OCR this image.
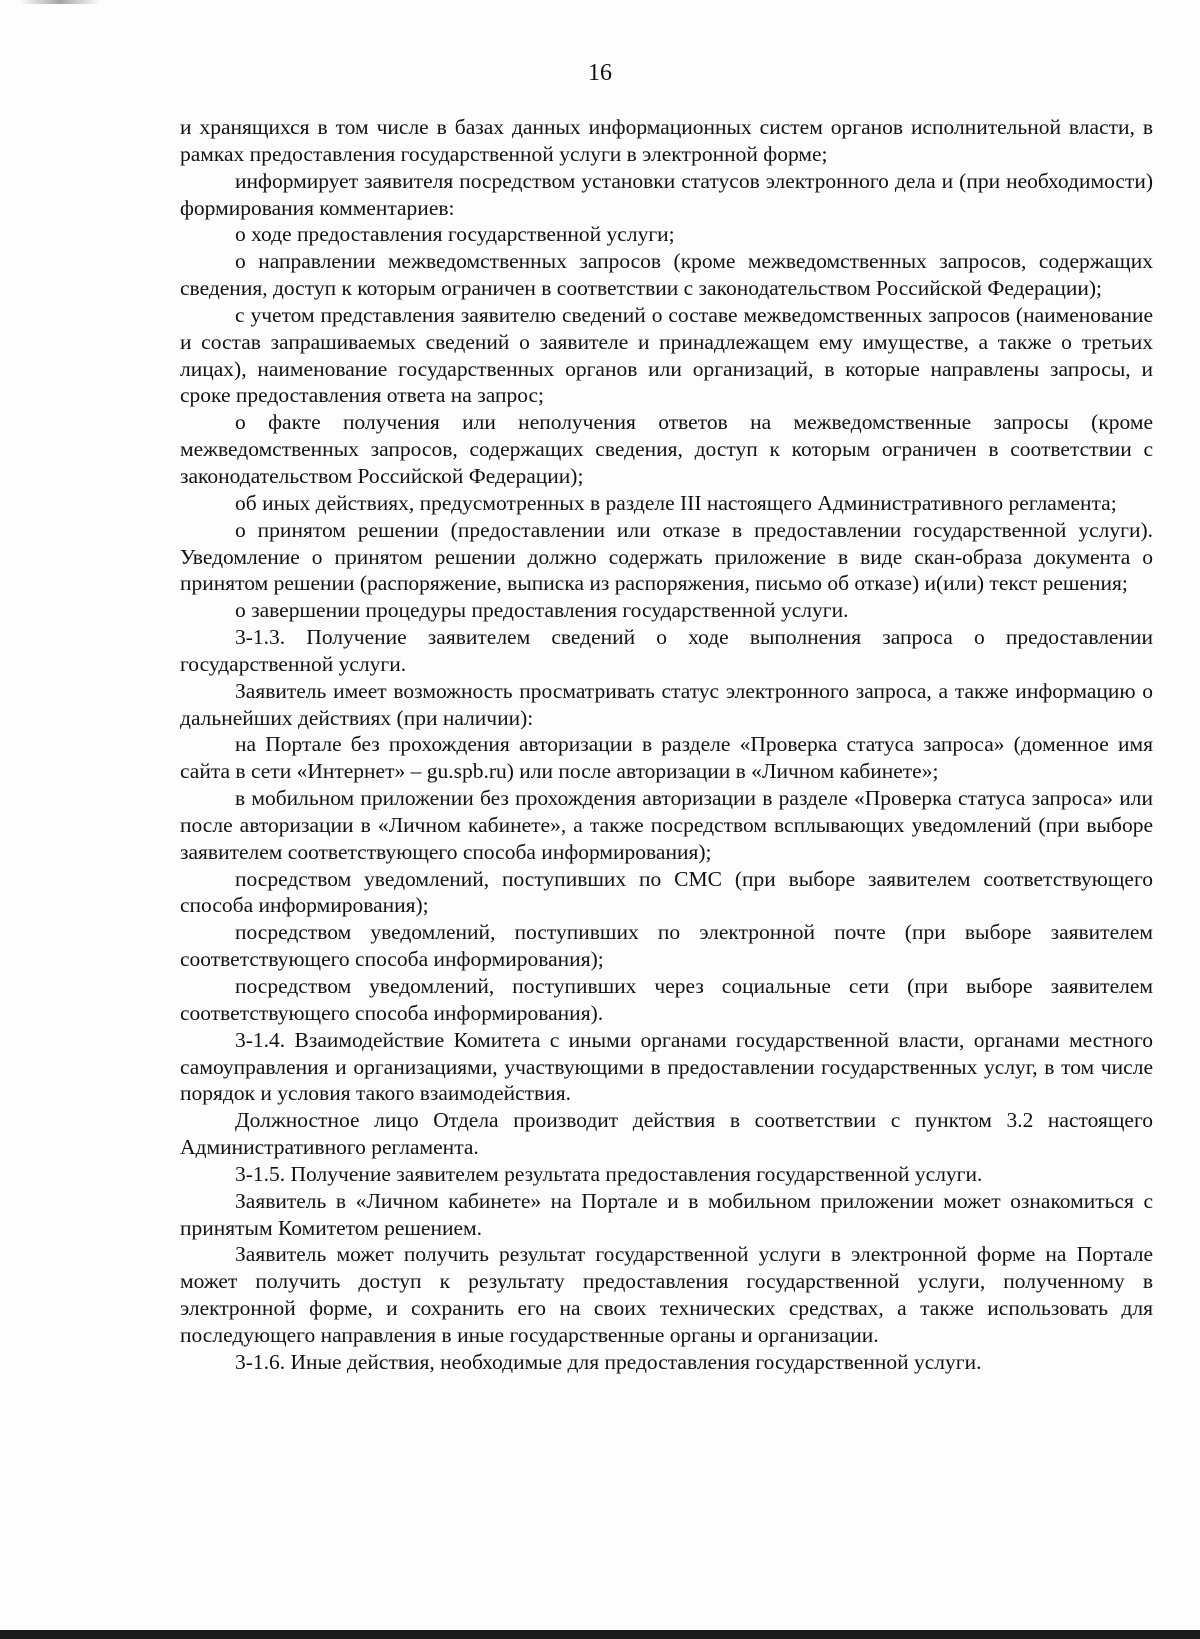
16

и хранящихся в том числе в базах данных информационных систем органов исполнительной власти, в рамках предоставления государственной услуги в электронной форме;

информирует заявителя посредством установки статусов электронного дела и (при необходимости) формирования комментариев:

о ходе предоставления государственной услуги;

о направлении межведомственных запросов (кроме межведомственных запросов, содержащих сведения, доступ к которым ограничен в соответствии с законодательством Российской Федерации);

с учетом представления заявителю сведений о составе межведомственных запросов (наименование и состав запрашиваемых сведений о заявителе и принадлежащем ему имуществе, а также о третьих лицах), наименование государственных органов или организаций, в которые направлены запросы, и сроке предоставления ответа на запрос;

о факте получения или неполучения ответов на межведомственные запросы (кроме межведомственных запросов, содержащих сведения, доступ к которым ограничен в соответствии с законодательством Российской Федерации);

об иных действиях, предусмотренных в разделе III настоящего Административного регламента;

о принятом решении (предоставлении или отказе в предоставлении государственной услуги). Уведомление о принятом решении должно содержать приложение в виде скан-образа документа о принятом решении (распоряжение, выписка из распоряжения, письмо об отказе) и(или) текст решения;

о завершении процедуры предоставления государственной услуги.

3-1.3. Получение заявителем сведений о ходе выполнения запроса о предоставлении государственной услуги.

Заявитель имеет возможность просматривать статус электронного запроса, а также информацию о дальнейших действиях (при наличии):

на Портале без прохождения авторизации в разделе «Проверка статуса запроса» (доменное имя сайта в сети «Интернет» – gu.spb.ru) или после авторизации в «Личном кабинете»;

в мобильном приложении без прохождения авторизации в разделе «Проверка статуса запроса» или после авторизации в «Личном кабинете», а также посредством всплывающих уведомлений (при выборе заявителем соответствующего способа информирования);

посредством уведомлений, поступивших по СМС (при выборе заявителем соответствующего способа информирования);

посредством уведомлений, поступивших по электронной почте (при выборе заявителем соответствующего способа информирования);

посредством уведомлений, поступивших через социальные сети (при выборе заявителем соответствующего способа информирования).

3-1.4. Взаимодействие Комитета с иными органами государственной власти, органами местного самоуправления и организациями, участвующими в предоставлении государственных услуг, в том числе порядок и условия такого взаимодействия.

Должностное лицо Отдела производит действия в соответствии с пунктом 3.2 настоящего Административного регламента.

3-1.5. Получение заявителем результата предоставления государственной услуги.

Заявитель в «Личном кабинете» на Портале и в мобильном приложении может ознакомиться с принятым Комитетом решением.

Заявитель может получить результат государственной услуги в электронной форме на Портале может получить доступ к результату предоставления государственной услуги, полученному в электронной форме, и сохранить его на своих технических средствах, а также использовать для последующего направления в иные государственные органы и организации.

3-1.6. Иные действия, необходимые для предоставления государственной услуги.
